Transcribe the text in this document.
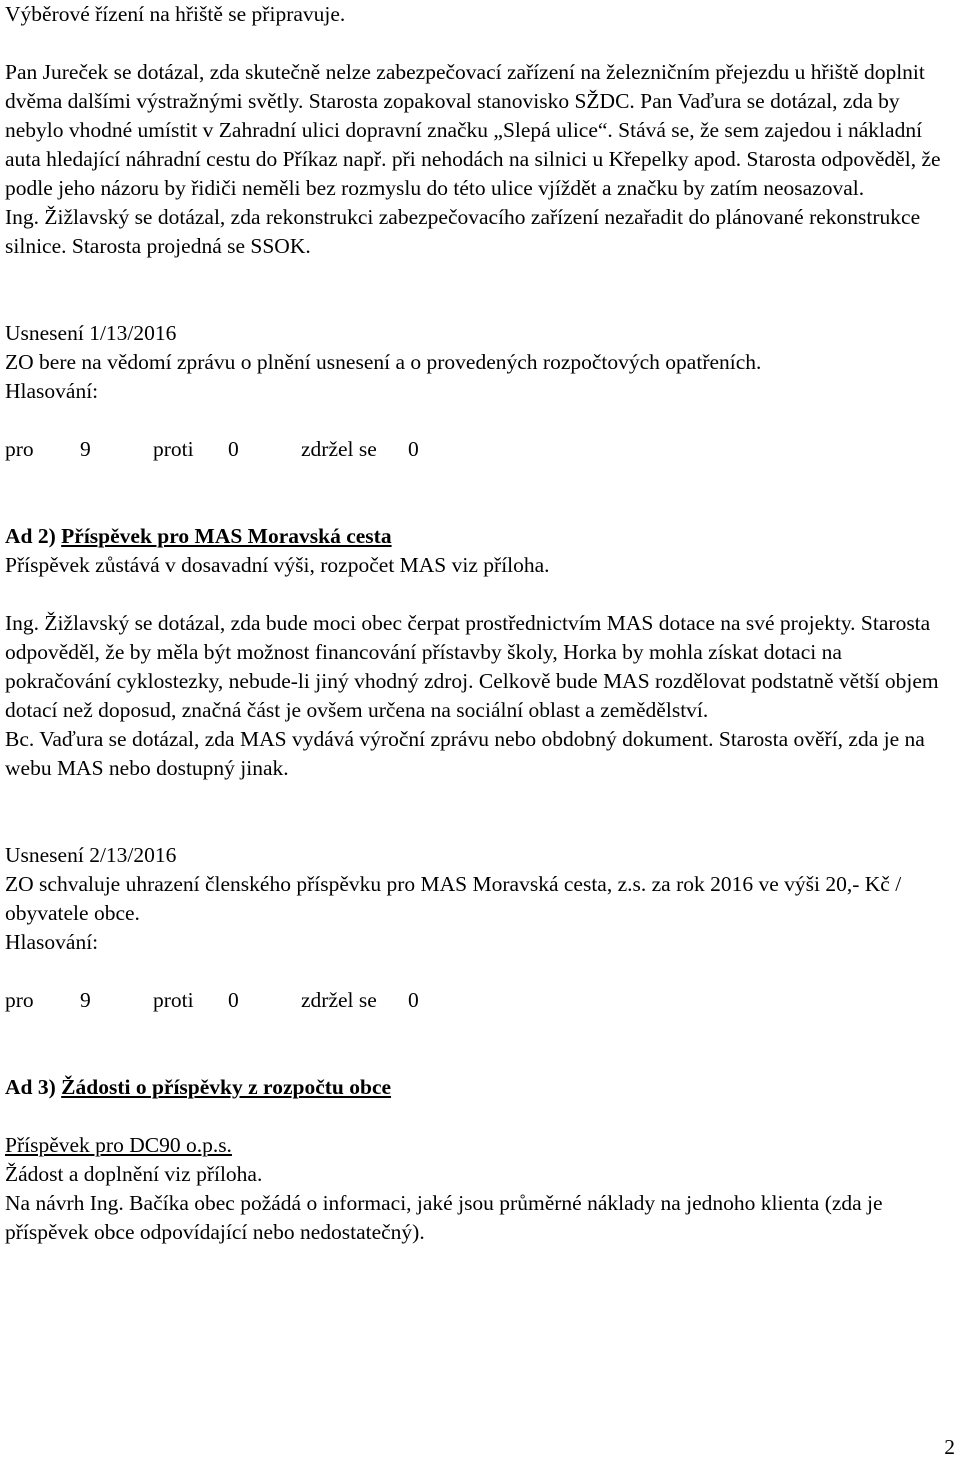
Výběrové řízení na hřiště se připravuje.

Pan Jureček se dotázal, zda skutečně nelze zabezpečovací zařízení na železničním přejezdu u hřiště doplnit dvěma dalšími výstražnými světly. Starosta zopakoval stanovisko SŽDC. Pan Vaďura se dotázal, zda by nebylo vhodné umístit v Zahradní ulici dopravní značku „Slepá ulice“. Stává se, že sem zajedou i nákladní auta hledající náhradní cestu do Příkaz např. při nehodách na silnici u Křepelky apod. Starosta odpověděl, že podle jeho názoru by řidiči neměli bez rozmyslu do této ulice vjíždět a značku by zatím neosazoval.

Ing. Žižlavský se dotázal, zda rekonstrukci zabezpečovacího zařízení nezařadit do plánované rekonstrukce silnice. Starosta projedná se SSOK.

Usnesení 1/13/2016

ZO bere na vědomí zprávu o plnění usnesení a o provedených rozpočtových opatřeních.

Hlasování:

pro	9	proti	0	zdržel se	0

Ad 2) Příspěvek pro MAS Moravská cesta

Příspěvek zůstává v dosavadní výši, rozpočet MAS viz příloha.

Ing. Žižlavský se dotázal, zda bude moci obec čerpat prostřednictvím MAS dotace na své projekty. Starosta odpověděl, že by měla být možnost financování přístavby školy, Horka by mohla získat dotaci na pokračování cyklostezky, nebude-li jiný vhodný zdroj. Celkově bude MAS rozdělovat podstatně větší objem dotací než doposud, značná část je ovšem určena na sociální oblast a zemědělství.

Bc. Vaďura se dotázal, zda MAS vydává výroční zprávu nebo obdobný dokument. Starosta ověří, zda je na webu MAS nebo dostupný jinak.

Usnesení 2/13/2016

ZO schvaluje uhrazení členského příspěvku pro MAS Moravská cesta, z.s. za rok 2016 ve výši 20,- Kč / obyvatele obce.

Hlasování:

pro	9	proti	0	zdržel se	0

Ad 3) Žádosti o příspěvky z rozpočtu obce

Příspěvek pro DC90 o.p.s.

Žádost a doplnění viz příloha.

Na návrh Ing. Bačíka obec požádá o informaci, jaké jsou průměrné náklady na jednoho klienta (zda je příspěvek obce odpovídající nebo nedostatečný).

2
